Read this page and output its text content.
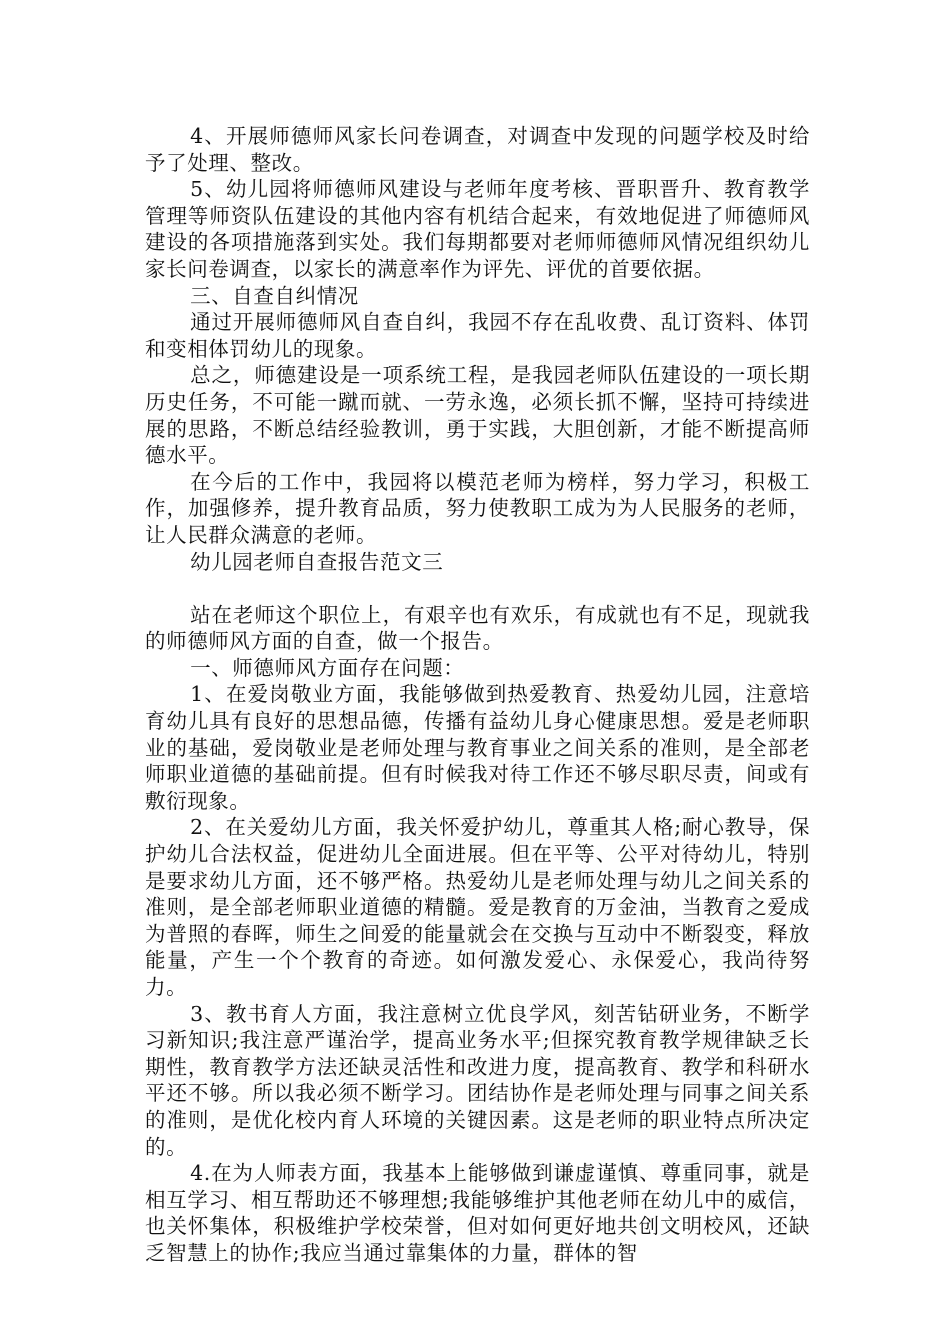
4、开展师德师风家长问卷调查，对调查中发现的问题学校及时给予了处理、整改。

5、幼儿园将师德师风建设与老师年度考核、晋职晋升、教育教学管理等师资队伍建设的其他内容有机结合起来，有效地促进了师德师风建设的各项措施落到实处。我们每期都要对老师师德师风情况组织幼儿家长问卷调查，以家长的满意率作为评先、评优的首要依据。

三、自查自纠情况

通过开展师德师风自查自纠，我园不存在乱收费、乱订资料、体罚和变相体罚幼儿的现象。

总之，师德建设是一项系统工程，是我园老师队伍建设的一项长期历史任务，不可能一蹴而就、一劳永逸，必须长抓不懈，坚持可持续进展的思路，不断总结经验教训，勇于实践，大胆创新，才能不断提高师德水平。

在今后的工作中，我园将以模范老师为榜样，努力学习，积极工作，加强修养，提升教育品质，努力使教职工成为为人民服务的老师，让人民群众满意的老师。

幼儿园老师自查报告范文三

站在老师这个职位上，有艰辛也有欢乐，有成就也有不足，现就我的师德师风方面的自查，做一个报告。

一、师德师风方面存在问题：

1、在爱岗敬业方面，我能够做到热爱教育、热爱幼儿园，注意培育幼儿具有良好的思想品德，传播有益幼儿身心健康思想。爱是老师职业的基础，爱岗敬业是老师处理与教育事业之间关系的准则，是全部老师职业道德的基础前提。但有时候我对待工作还不够尽职尽责，间或有敷衍现象。

2、在关爱幼儿方面，我关怀爱护幼儿，尊重其人格;耐心教导，保护幼儿合法权益，促进幼儿全面进展。但在平等、公平对待幼儿，特别是要求幼儿方面，还不够严格。热爱幼儿是老师处理与幼儿之间关系的准则，是全部老师职业道德的精髓。爱是教育的万金油，当教育之爱成为普照的春晖，师生之间爱的能量就会在交换与互动中不断裂变，释放能量，产生一个个教育的奇迹。如何激发爱心、永保爱心，我尚待努力。

3、教书育人方面，我注意树立优良学风，刻苦钻研业务，不断学习新知识;我注意严谨治学，提高业务水平;但探究教育教学规律缺乏长期性，教育教学方法还缺灵活性和改进力度，提高教育、教学和科研水平还不够。所以我必须不断学习。团结协作是老师处理与同事之间关系的准则，是优化校内育人环境的关键因素。这是老师的职业特点所决定的。

4.在为人师表方面，我基本上能够做到谦虚谨慎、尊重同事，就是相互学习、相互帮助还不够理想;我能够维护其他老师在幼儿中的威信，也关怀集体，积极维护学校荣誉，但对如何更好地共创文明校风，还缺乏智慧上的协作;我应当通过靠集体的力量，群体的智
